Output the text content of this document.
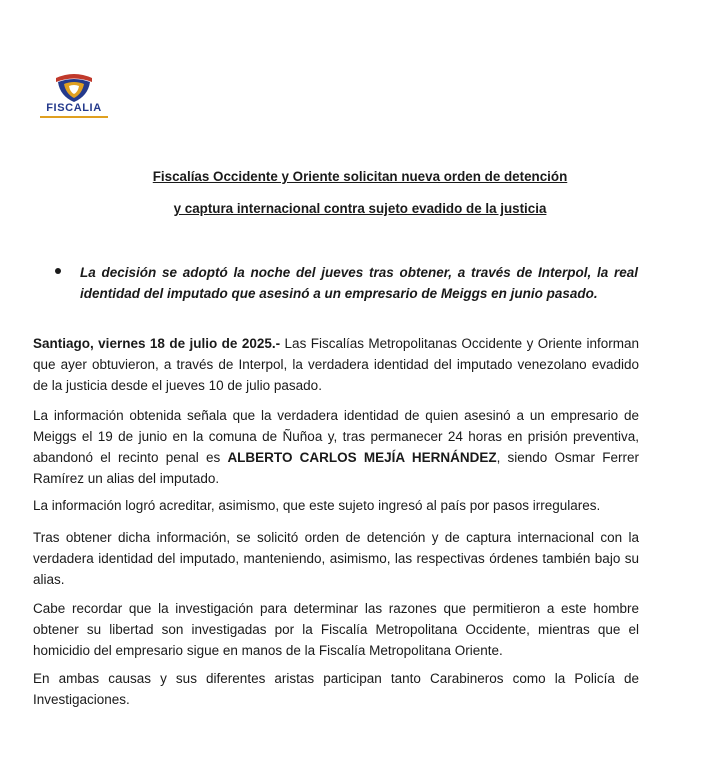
FISCALIA
Fiscalías Occidente y Oriente solicitan nueva orden de detención
y captura internacional contra sujeto evadido de la justicia
La decisión se adoptó la noche del jueves tras obtener, a través de Interpol, la real identidad del imputado que asesinó a un empresario de Meiggs en junio pasado.
Santiago, viernes 18 de julio de 2025.- Las Fiscalías Metropolitanas Occidente y Oriente informan que ayer obtuvieron, a través de Interpol, la verdadera identidad del imputado venezolano evadido de la justicia desde el jueves 10 de julio pasado.
La información obtenida señala que la verdadera identidad de quien asesinó a un empresario de Meiggs el 19 de junio en la comuna de Ñuñoa y, tras permanecer 24 horas en prisión preventiva, abandonó el recinto penal es ALBERTO CARLOS MEJÍA HERNÁNDEZ, siendo Osmar Ferrer Ramírez un alias del imputado.
La información logró acreditar, asimismo, que este sujeto ingresó al país por pasos irregulares.
Tras obtener dicha información, se solicitó orden de detención y de captura internacional con la verdadera identidad del imputado, manteniendo, asimismo, las respectivas órdenes también bajo su alias.
Cabe recordar que la investigación para determinar las razones que permitieron a este hombre obtener su libertad son investigadas por la Fiscalía Metropolitana Occidente, mientras que el homicidio del empresario sigue en manos de la Fiscalía Metropolitana Oriente.
En ambas causas y sus diferentes aristas participan tanto Carabineros como la Policía de Investigaciones.
